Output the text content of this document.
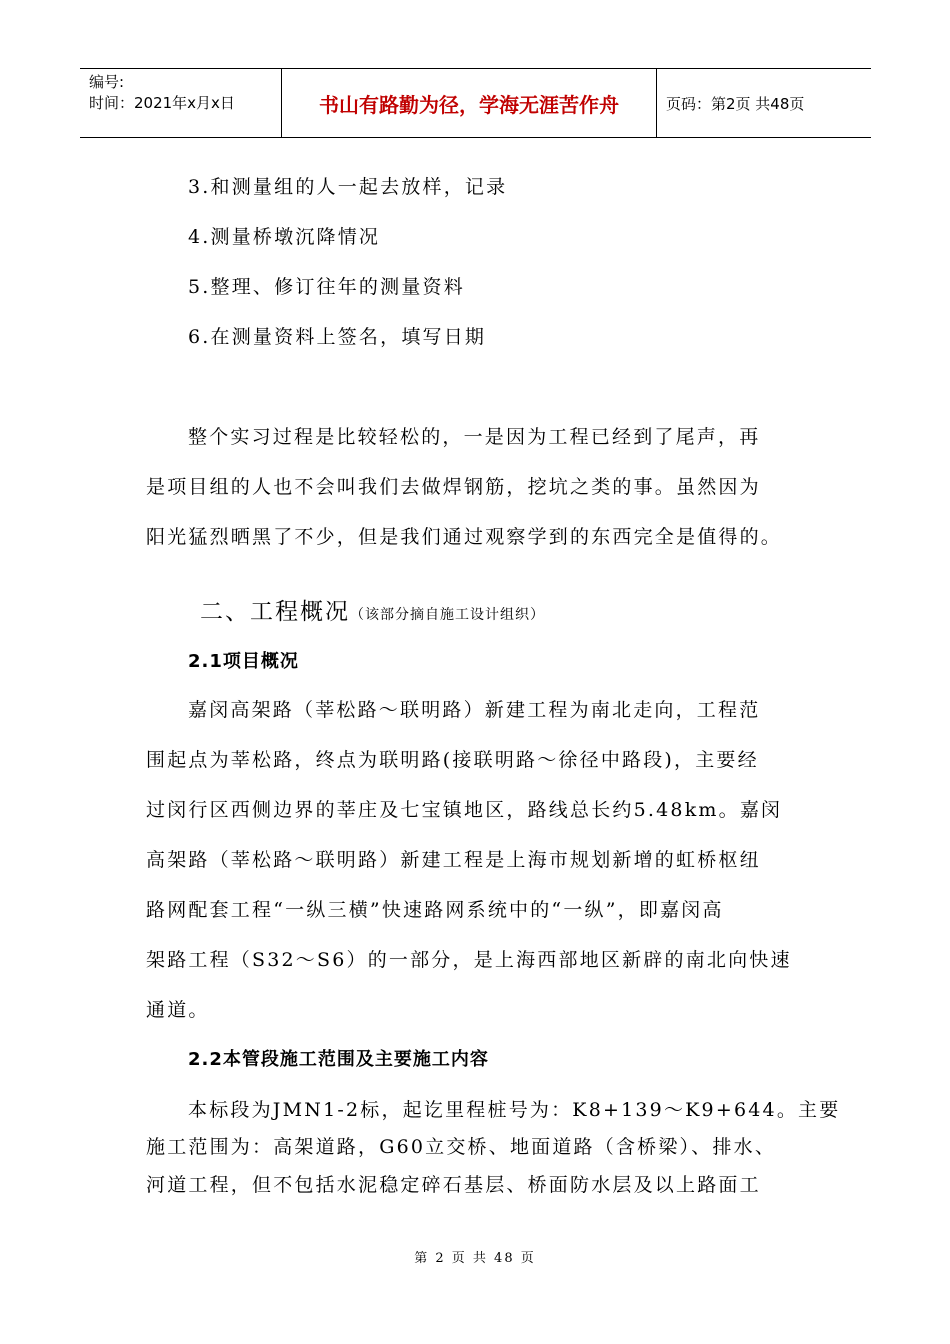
编号:
时间：2021年x月x日	书山有路勤为径，学海无涯苦作舟	页码：第2页 共48页
3.和测量组的人一起去放样，记录
4.测量桥墩沉降情况
5.整理、修订往年的测量资料
6.在测量资料上签名，填写日期
整个实习过程是比较轻松的，一是因为工程已经到了尾声，再
是项目组的人也不会叫我们去做焊钢筋，挖坑之类的事。虽然因为
阳光猛烈晒黑了不少，但是我们通过观察学到的东西完全是值得的。
二、工程概况（该部分摘自施工设计组织）
2.1项目概况
嘉闵高架路（莘松路～联明路）新建工程为南北走向，工程范
围起点为莘松路，终点为联明路(接联明路～徐径中路段)，主要经
过闵行区西侧边界的莘庄及七宝镇地区，路线总长约5.48km。嘉闵
高架路（莘松路～联明路）新建工程是上海市规划新增的虹桥枢纽
路网配套工程“一纵三横”快速路网系统中的“一纵”，即嘉闵高
架路工程（S32～S6）的一部分，是上海西部地区新辟的南北向快速
通道。
2.2本管段施工范围及主要施工内容
本标段为JMN1-2标，起讫里程桩号为：K8+139～K9+644。主要
施工范围为：高架道路，G60立交桥、地面道路（含桥梁）、排水、
河道工程，但不包括水泥稳定碎石基层、桥面防水层及以上路面工
第 2 页 共 48 页
